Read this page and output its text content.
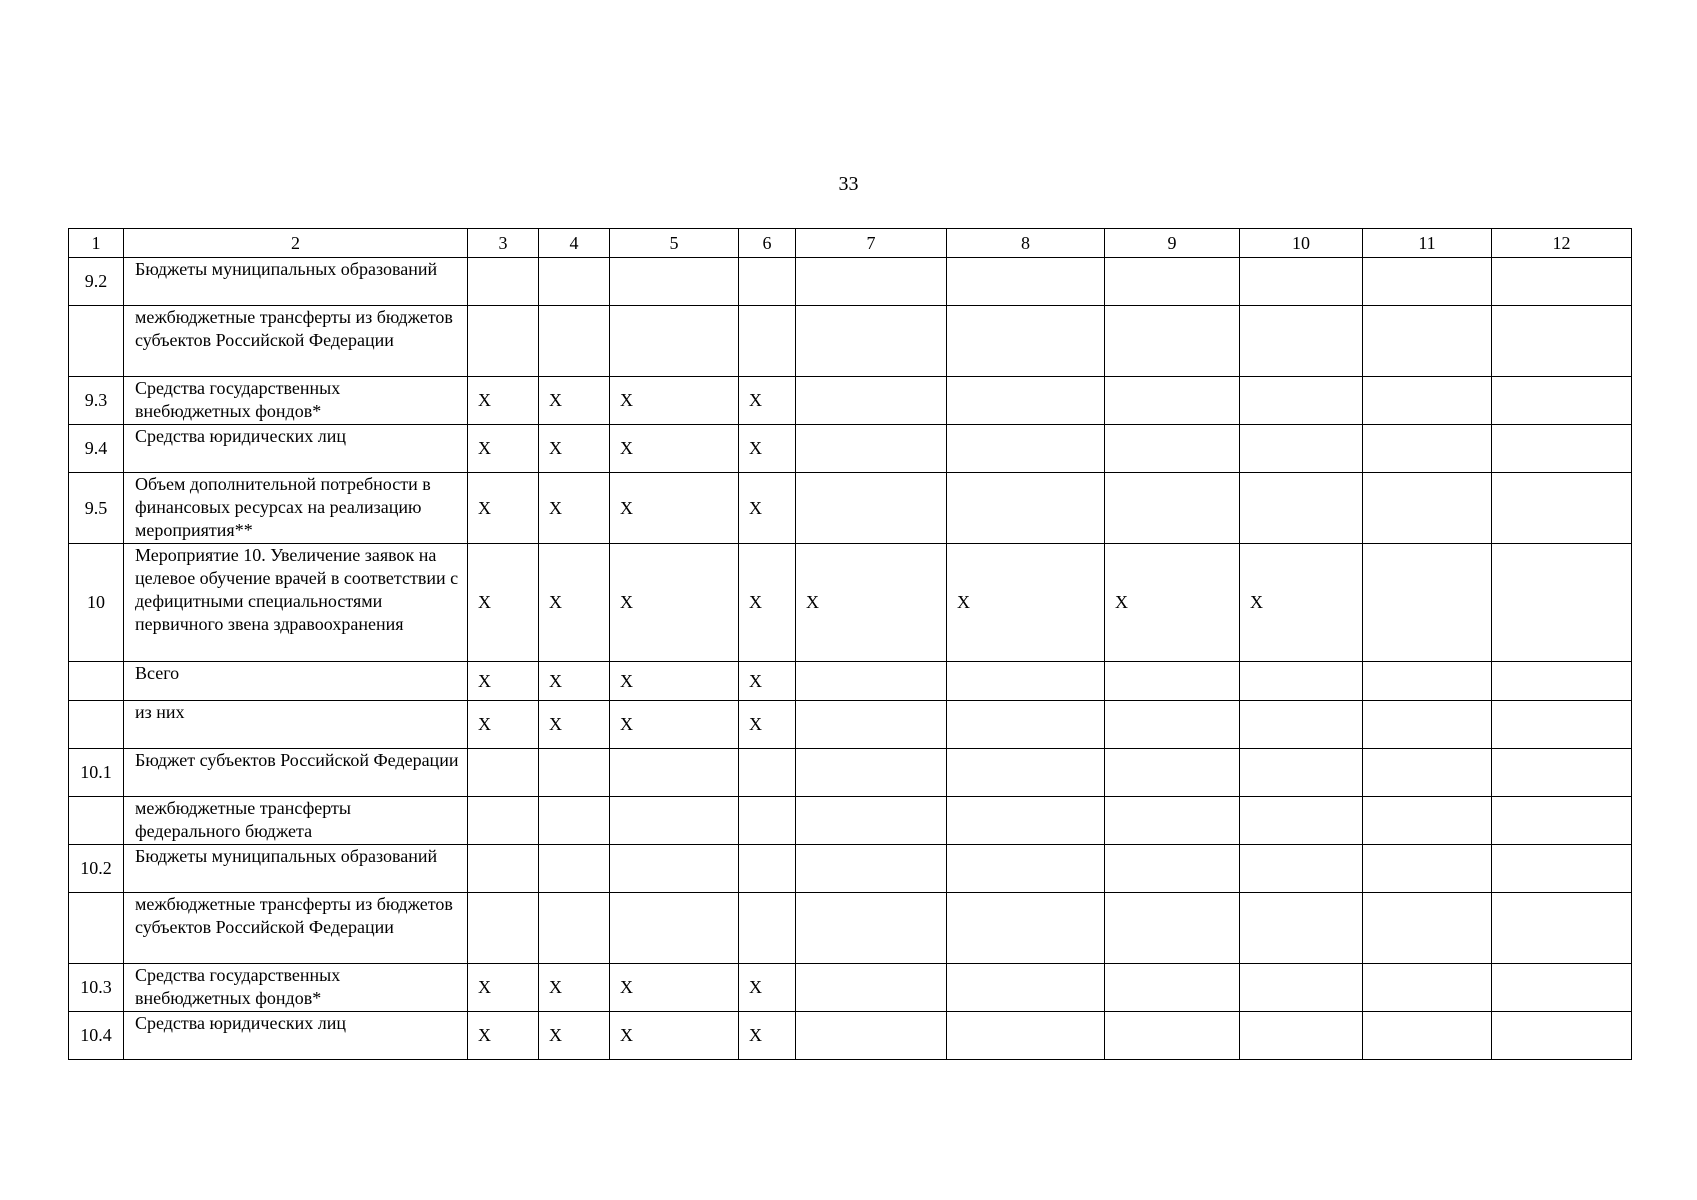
33
1	2	3	4	5	6	7	8	9	10	11	12
9.2	Бюджеты муниципальных образований										
	межбюджетные трансферты из бюджетов субъектов Российской Федерации										
9.3	Средства государственных внебюджетных фондов*	X	X	X	X						
9.4	Средства юридических лиц	X	X	X	X						
9.5	Объем дополнительной потребности в финансовых ресурсах на реализацию мероприятия**	X	X	X	X						
10	Мероприятие 10. Увеличение заявок на целевое обучение врачей в соответствии с дефицитными специальностями первичного звена здравоохранения	X	X	X	X	X	X	X	X		
	Всего	X	X	X	X						
	из них	X	X	X	X						
10.1	Бюджет субъектов Российской Федерации										
	межбюджетные трансферты федерального бюджета										
10.2	Бюджеты муниципальных образований										
	межбюджетные трансферты из бюджетов субъектов Российской Федерации										
10.3	Средства государственных внебюджетных фондов*	X	X	X	X						
10.4	Средства юридических лиц	X	X	X	X						
